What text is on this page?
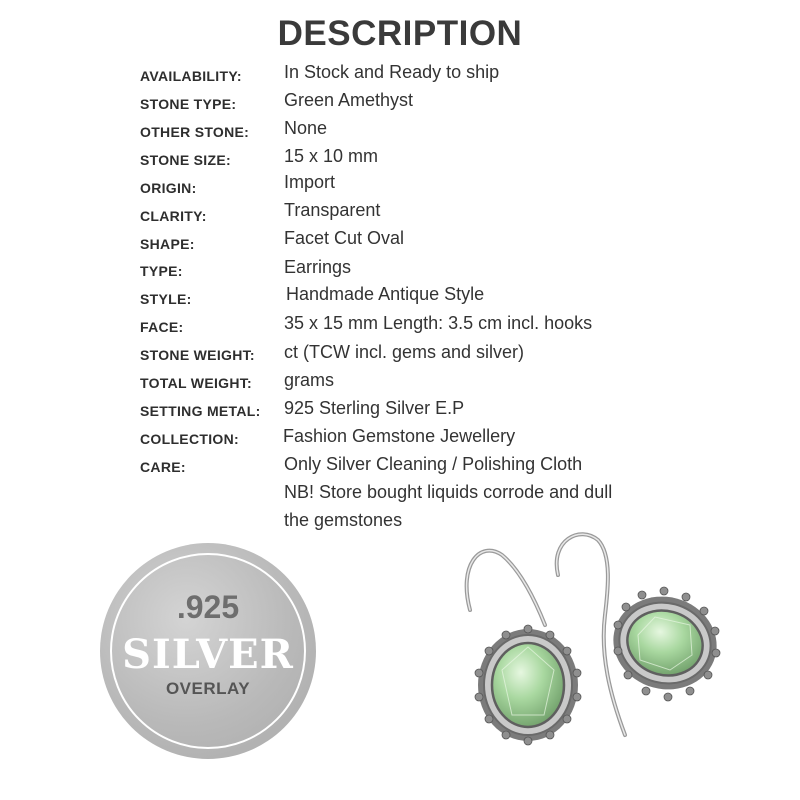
DESCRIPTION
AVAILABILITY: In Stock and Ready to ship
STONE TYPE:	Green Amethyst
OTHER STONE: None
STONE SIZE:	15 x 10 mm
ORIGIN:	Import
CLARITY:	Transparent
SHAPE:	Facet Cut Oval
TYPE:	Earrings
STYLE:	Handmade Antique Style
FACE:	35 x 15 mm Length: 3.5 cm incl. hooks
STONE WEIGHT: ct (TCW incl. gems and silver)
TOTAL WEIGHT: grams
SETTING METAL: 925 Sterling Silver E.P
COLLECTION: Fashion Gemstone Jewellery
CARE:	Only Silver Cleaning / Polishing Cloth
NB! Store bought liquids corrode and dull
the gemstones
.925
SILVER
OVERLAY
